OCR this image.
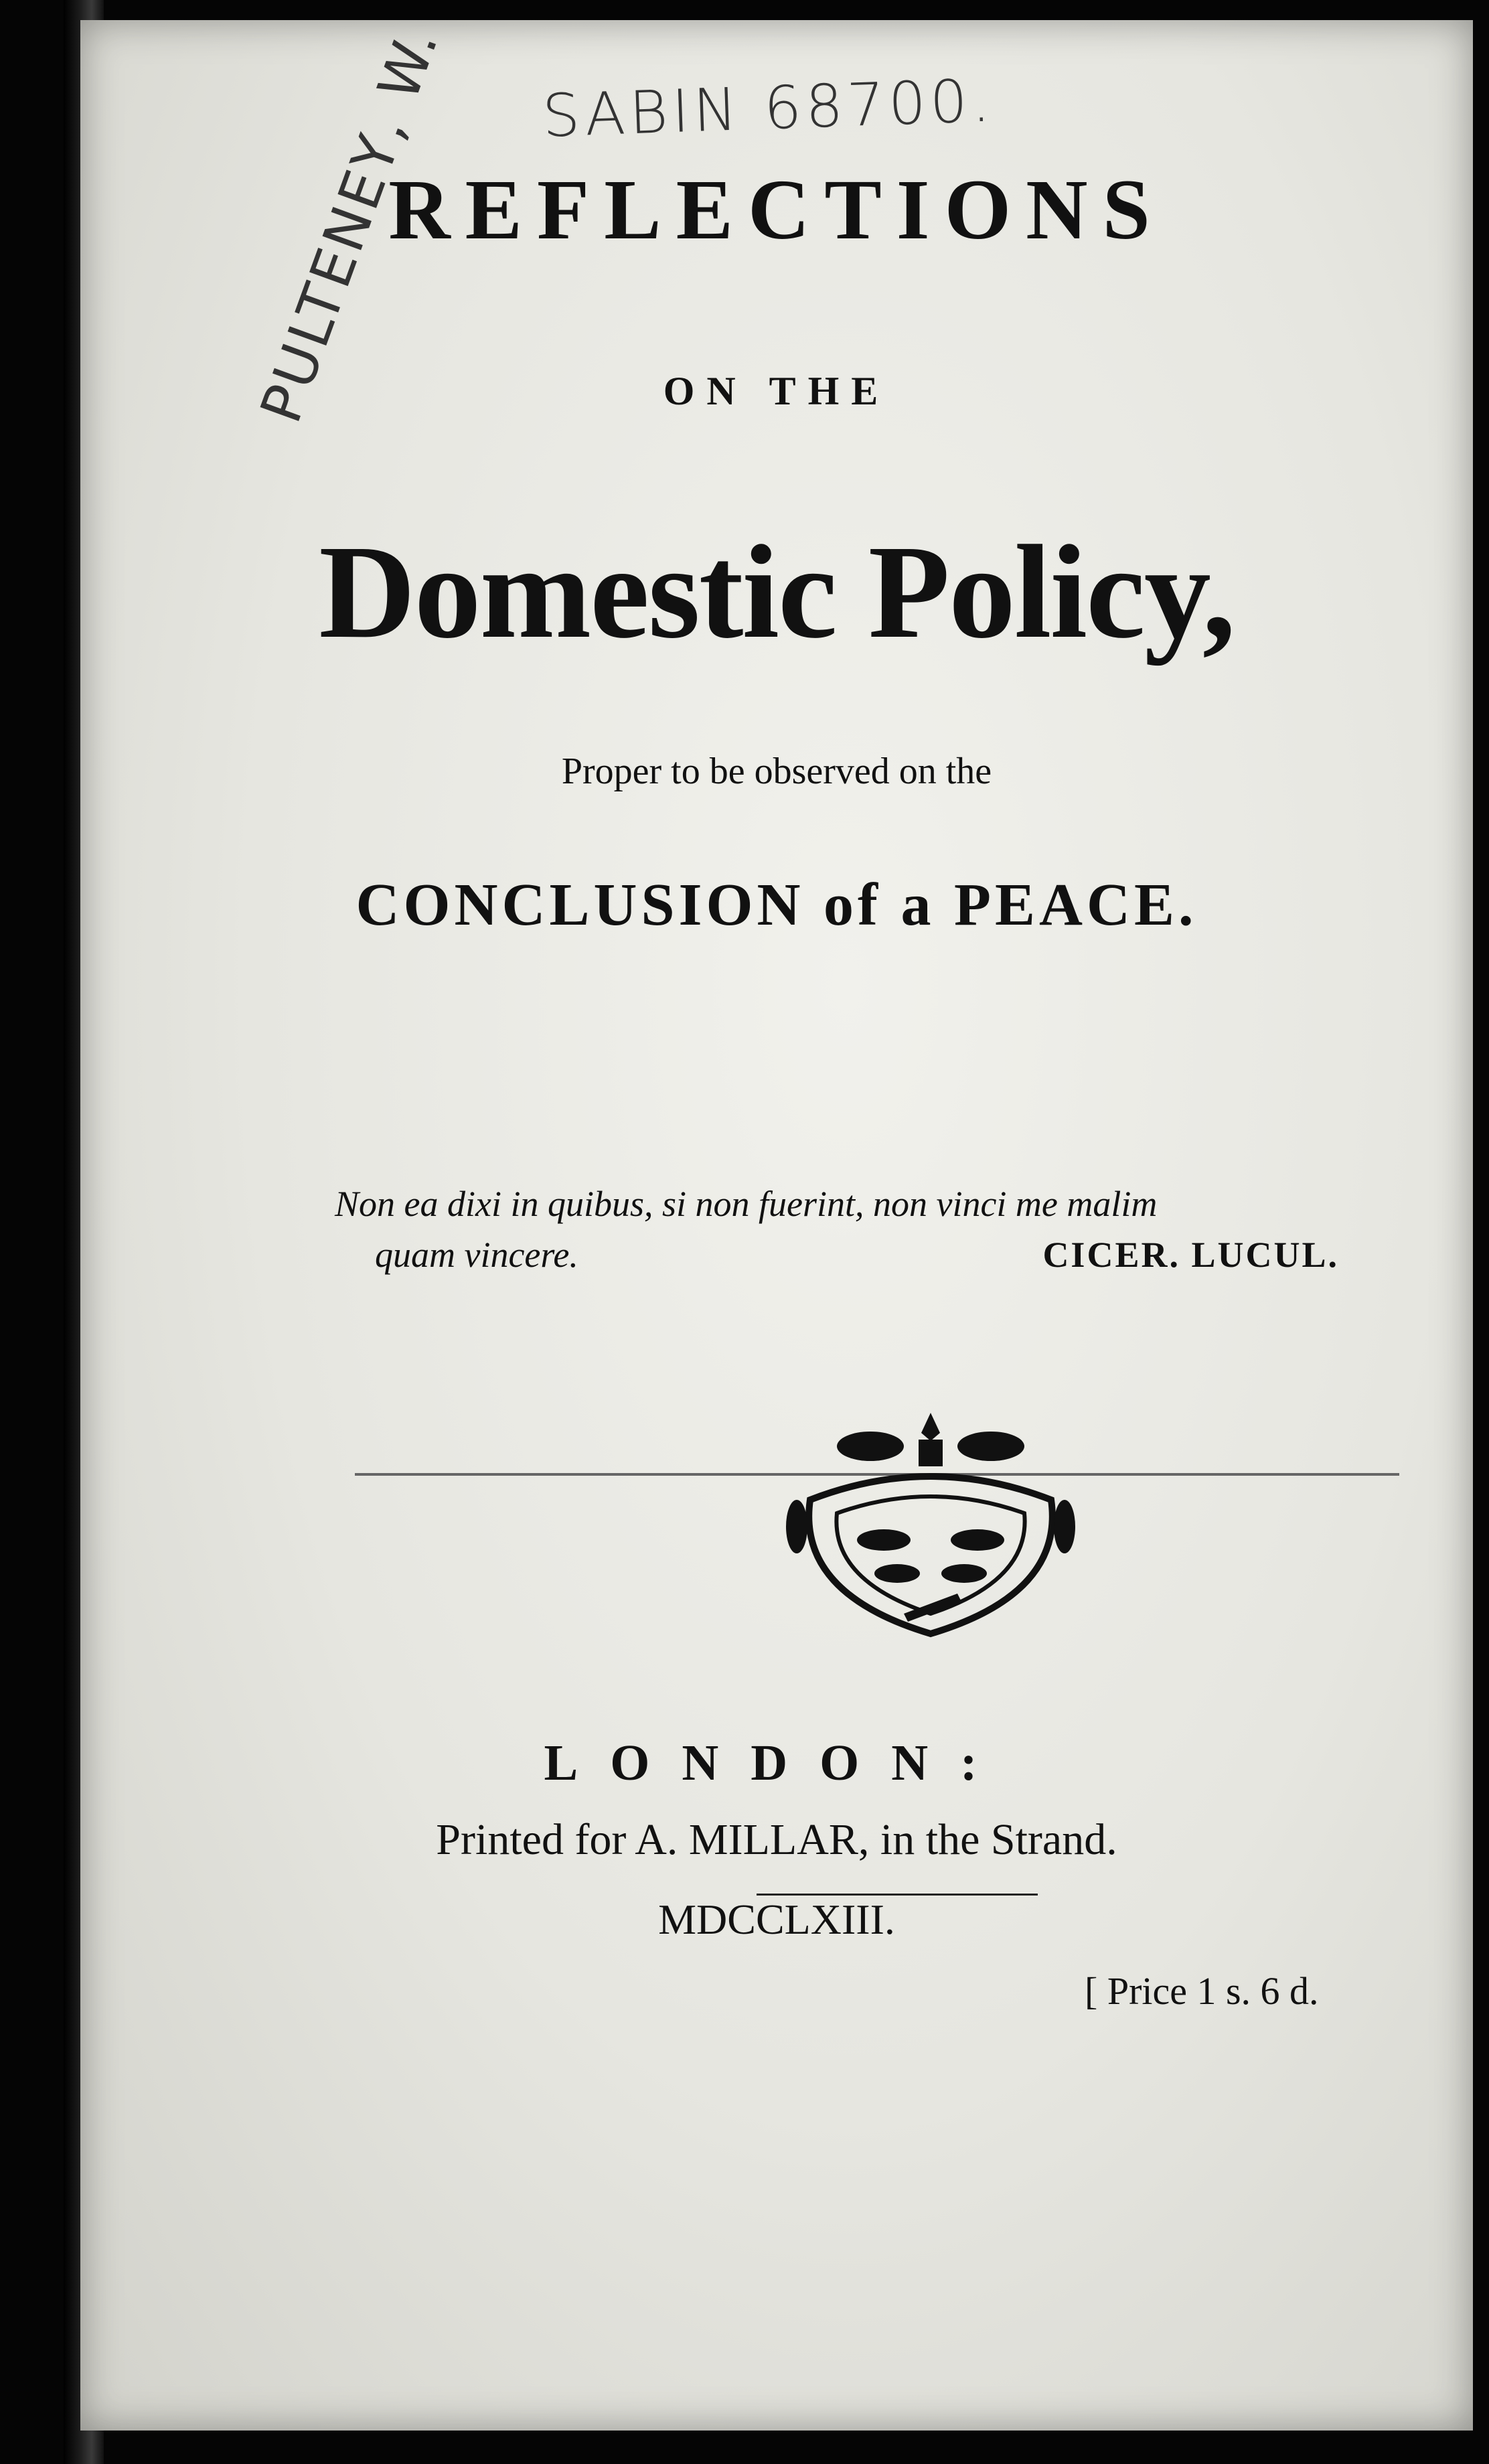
SABIN 68700.
PULTENEY, W.
REFLECTIONS
ON THE
Domestic Policy,
Proper to be observed on the
CONCLUSION of a PEACE.
Non ea dixi in quibus, si non fuerint, non vinci me malim
quam vincere.	CICER. LUCUL.
LONDON:
Printed for A. MILLAR, in the Strand.
MDCCLXIII.
[ Price 1 s. 6 d.
